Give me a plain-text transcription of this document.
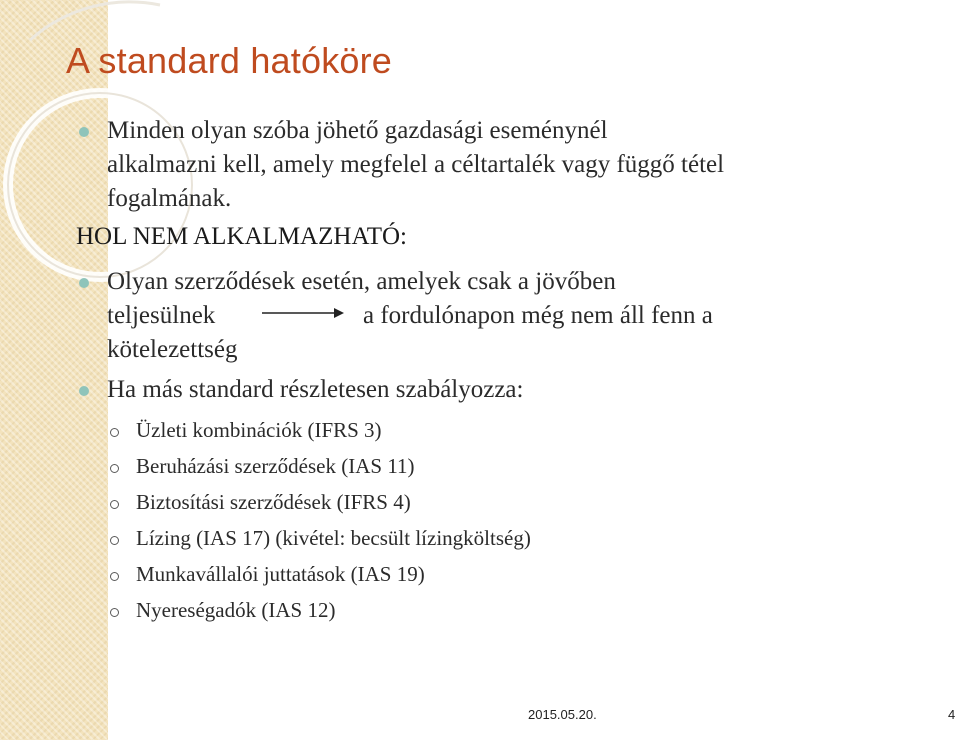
A standard hatóköre

Minden olyan szóba jöhető gazdasági eseménynél

alkalmazni kell, amely megfelel a céltartalék vagy függő tétel

fogalmának.

HOL NEM ALKALMAZHATÓ:

Olyan szerződések esetén, amelyek csak a jövőben

teljesülnek	a fordulónapon még nem áll fenn a

kötelezettség

Ha más standard részletesen szabályozza:

Üzleti kombinációk (IFRS 3)

Beruházási szerződések (IAS 11)

Biztosítási szerződések (IFRS 4)

Lízing (IAS 17) (kivétel: becsült lízingköltség)

Munkavállalói juttatások (IAS 19)

Nyereségadók (IAS 12)

2015.05.20.	4
